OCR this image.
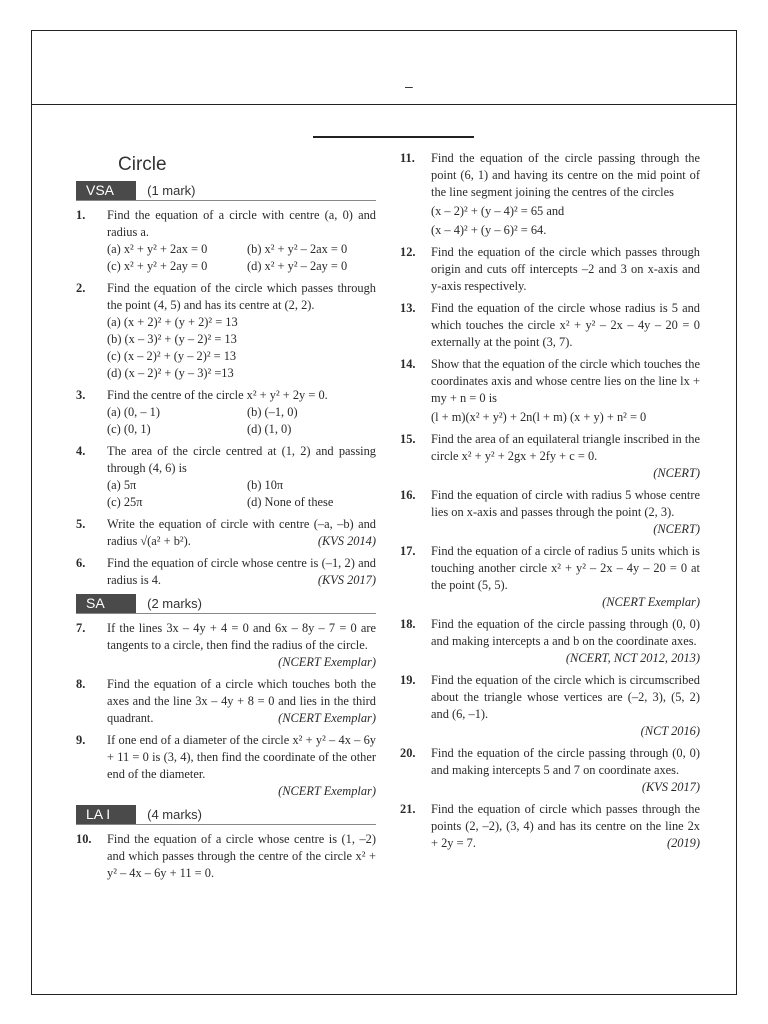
–
Circle
VSA	(1 mark)
1. Find the equation of a circle with centre (a, 0) and radius a.
(a) x² + y² + 2ax = 0	(b) x² + y² – 2ax = 0
(c) x² + y² + 2ay = 0	(d) x² + y² – 2ay = 0
2. Find the equation of the circle which passes through the point (4, 5) and has its centre at (2, 2).
(a) (x + 2)² + (y + 2)² = 13
(b) (x – 3)² + (y – 2)² = 13
(c) (x – 2)² + (y – 2)² = 13
(d) (x – 2)² + (y – 3)² =13
3. Find the centre of the circle x² + y² + 2y = 0.
(a) (0, – 1)	(b) (–1, 0)
(c) (0, 1)	(d) (1, 0)
4. The area of the circle centred at (1, 2) and passing through (4, 6) is
(a) 5π	(b) 10π
(c) 25π	(d) None of these
5. Write the equation of circle with centre (–a, –b) and radius √(a² + b²).	(KVS 2014)
6. Find the equation of circle whose centre is (–1, 2) and radius is 4.	(KVS 2017)
SA	(2 marks)
7. If the lines 3x – 4y + 4 = 0 and 6x – 8y – 7 = 0 are tangents to a circle, then find the radius of the circle.
(NCERT Exemplar)
8. Find the equation of a circle which touches both the axes and the line 3x – 4y + 8 = 0 and lies in the third quadrant.	(NCERT Exemplar)
9. If one end of a diameter of the circle x² + y² – 4x – 6y + 11 = 0 is (3, 4), then find the coordinate of the other end of the diameter.
(NCERT Exemplar)
LA I	(4 marks)
10. Find the equation of a circle whose centre is (1, –2) and which passes through the centre of the circle x² + y² – 4x – 6y + 11 = 0.
11. Find the equation of the circle passing through the point (6, 1) and having its centre on the mid point of the line segment joining the centres of the circles
(x – 2)² + (y – 4)² = 65 and
(x – 4)² + (y – 6)² = 64.
12. Find the equation of the circle which passes through origin and cuts off intercepts –2 and 3 on x-axis and y-axis respectively.
13. Find the equation of the circle whose radius is 5 and which touches the circle x² + y² – 2x – 4y – 20 = 0 externally at the point (3, 7).
14. Show that the equation of the circle which touches the coordinates axis and whose centre lies on the line lx + my + n = 0 is
(l + m)(x² + y²) + 2n(l + m) (x + y) + n² = 0
15. Find the area of an equilateral triangle inscribed in the circle x² + y² + 2gx + 2fy + c = 0.
(NCERT)
16. Find the equation of circle with radius 5 whose centre lies on x-axis and passes through the point (2, 3).
(NCERT)
17. Find the equation of a circle of radius 5 units which is touching another circle x² + y² – 2x – 4y – 20 = 0 at the point (5, 5).
(NCERT Exemplar)
18. Find the equation of the circle passing through (0, 0) and making intercepts a and b on the coordinate axes.
(NCERT, NCT 2012, 2013)
19. Find the equation of the circle which is circumscribed about the triangle whose vertices are (–2, 3), (5, 2) and (6, –1).
(NCT 2016)
20. Find the equation of the circle passing through (0, 0) and making intercepts 5 and 7 on coordinate axes.
(KVS 2017)
21. Find the equation of circle which passes through the points (2, –2), (3, 4) and has its centre on the line 2x + 2y = 7.	(2019)
